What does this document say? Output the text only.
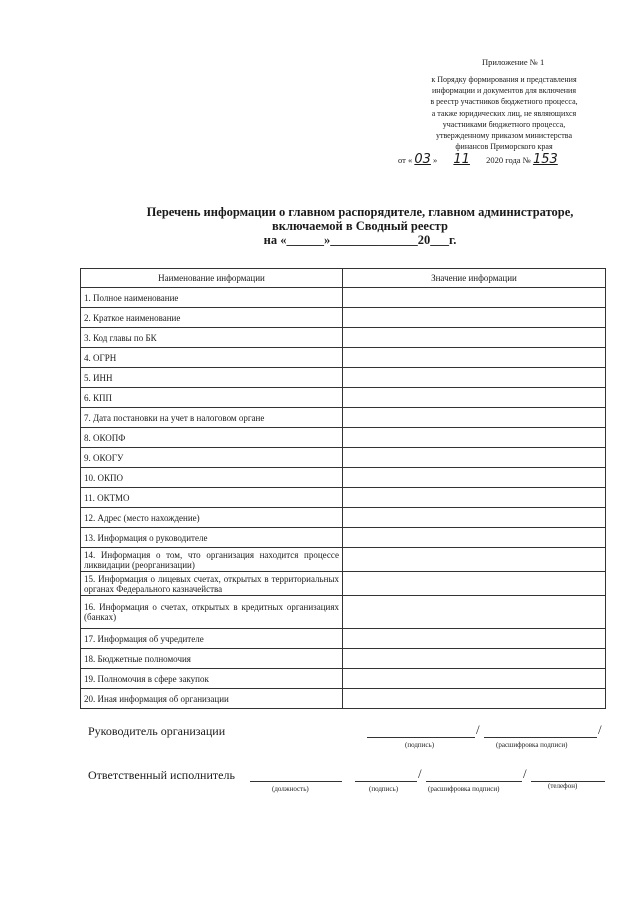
Приложение № 1
к Порядку формирования и представления
информации и документов для включения
в реестр участников бюджетного процесса,
а также юридических лиц, не являющихся
участниками бюджетного процесса,
утвержденному приказом министерства
финансов Приморского края
от « 03 » 11 2020 года № 153
Перечень информации о главном распорядителе, главном администраторе,
включаемой в Сводный реестр
на «______»______________20___г.
Наименование информации	Значение информации
1. Полное наименование	
2. Краткое наименование	
3. Код главы по БК	
4. ОГРН	
5. ИНН	
6. КПП	
7. Дата постановки на учет в налоговом органе	
8. ОКОПФ	
9. ОКОГУ	
10. ОКПО	
11. ОКТМО	
12. Адрес (место нахождение)	
13. Информация о руководителе	
14. Информация о том, что организация находится процессе ликвидации (реорганизации)	
15. Информация о лицевых счетах, открытых в территориальных органах Федерального казначейства	
16. Информация о счетах, открытых в кредитных организациях (банках)	
17. Информация об учредителе	
18. Бюджетные полномочия	
19. Полномочия в сфере закупок	
20. Иная информация об организации	
Руководитель организации	/	/
(подпись)	(расшифровка подписи)
Ответственный исполнитель	/	/
(должность)	(подпись)	(расшифровка подписи)	(телефон)
